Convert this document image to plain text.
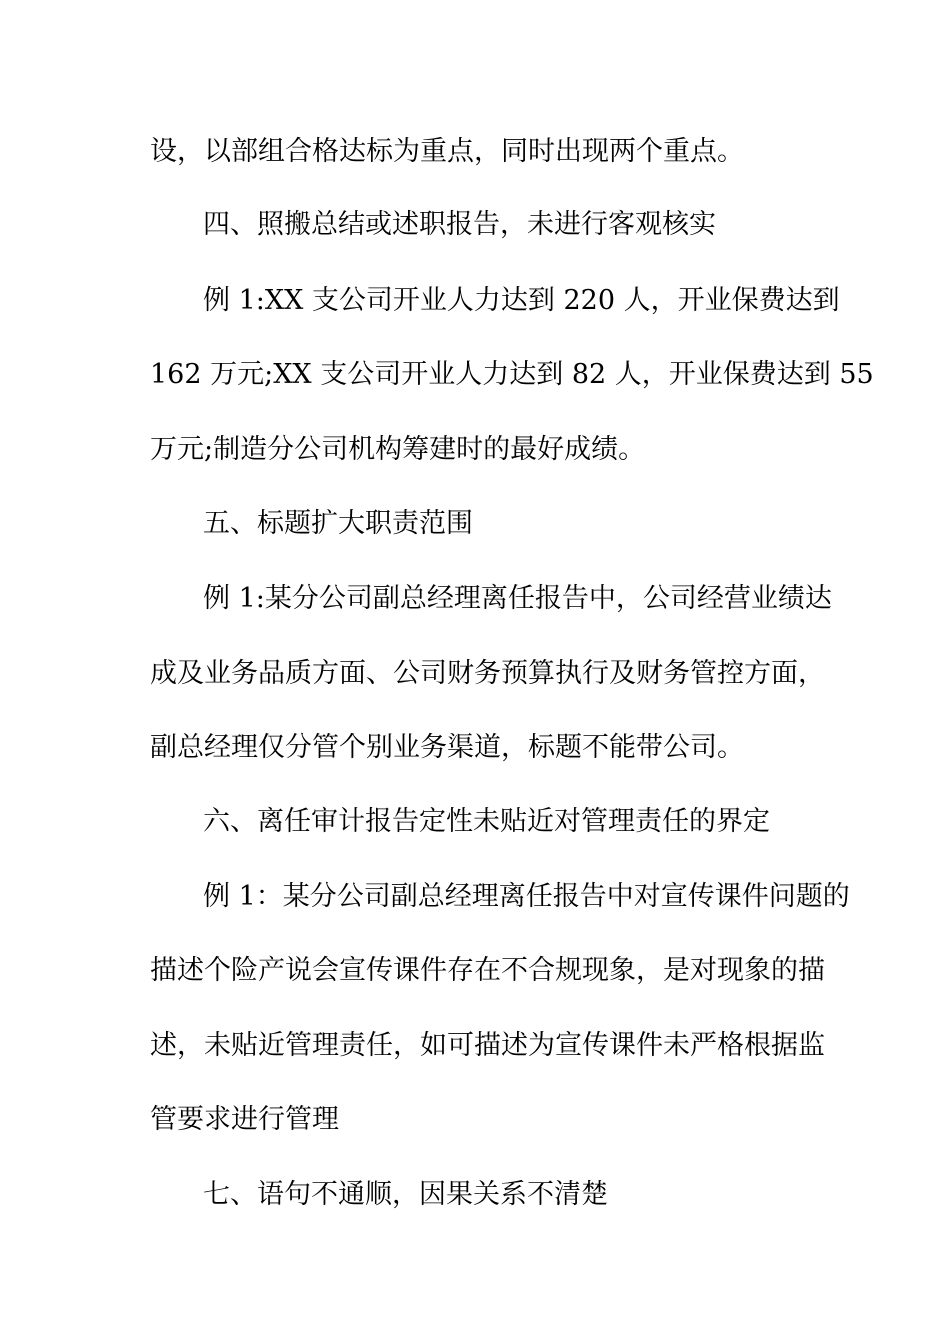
设，以部组合格达标为重点，同时出现两个重点。
四、照搬总结或述职报告，未进行客观核实
例 1:XX 支公司开业人力达到 220 人，开业保费达到
162 万元;XX 支公司开业人力达到 82 人，开业保费达到 55
万元;制造分公司机构筹建时的最好成绩。
五、标题扩大职责范围
例 1:某分公司副总经理离任报告中，公司经营业绩达
成及业务品质方面、公司财务预算执行及财务管控方面，
副总经理仅分管个别业务渠道，标题不能带公司。
六、离任审计报告定性未贴近对管理责任的界定
例 1：某分公司副总经理离任报告中对宣传课件问题的
描述个险产说会宣传课件存在不合规现象，是对现象的描
述，未贴近管理责任，如可描述为宣传课件未严格根据监
管要求进行管理
七、语句不通顺，因果关系不清楚
